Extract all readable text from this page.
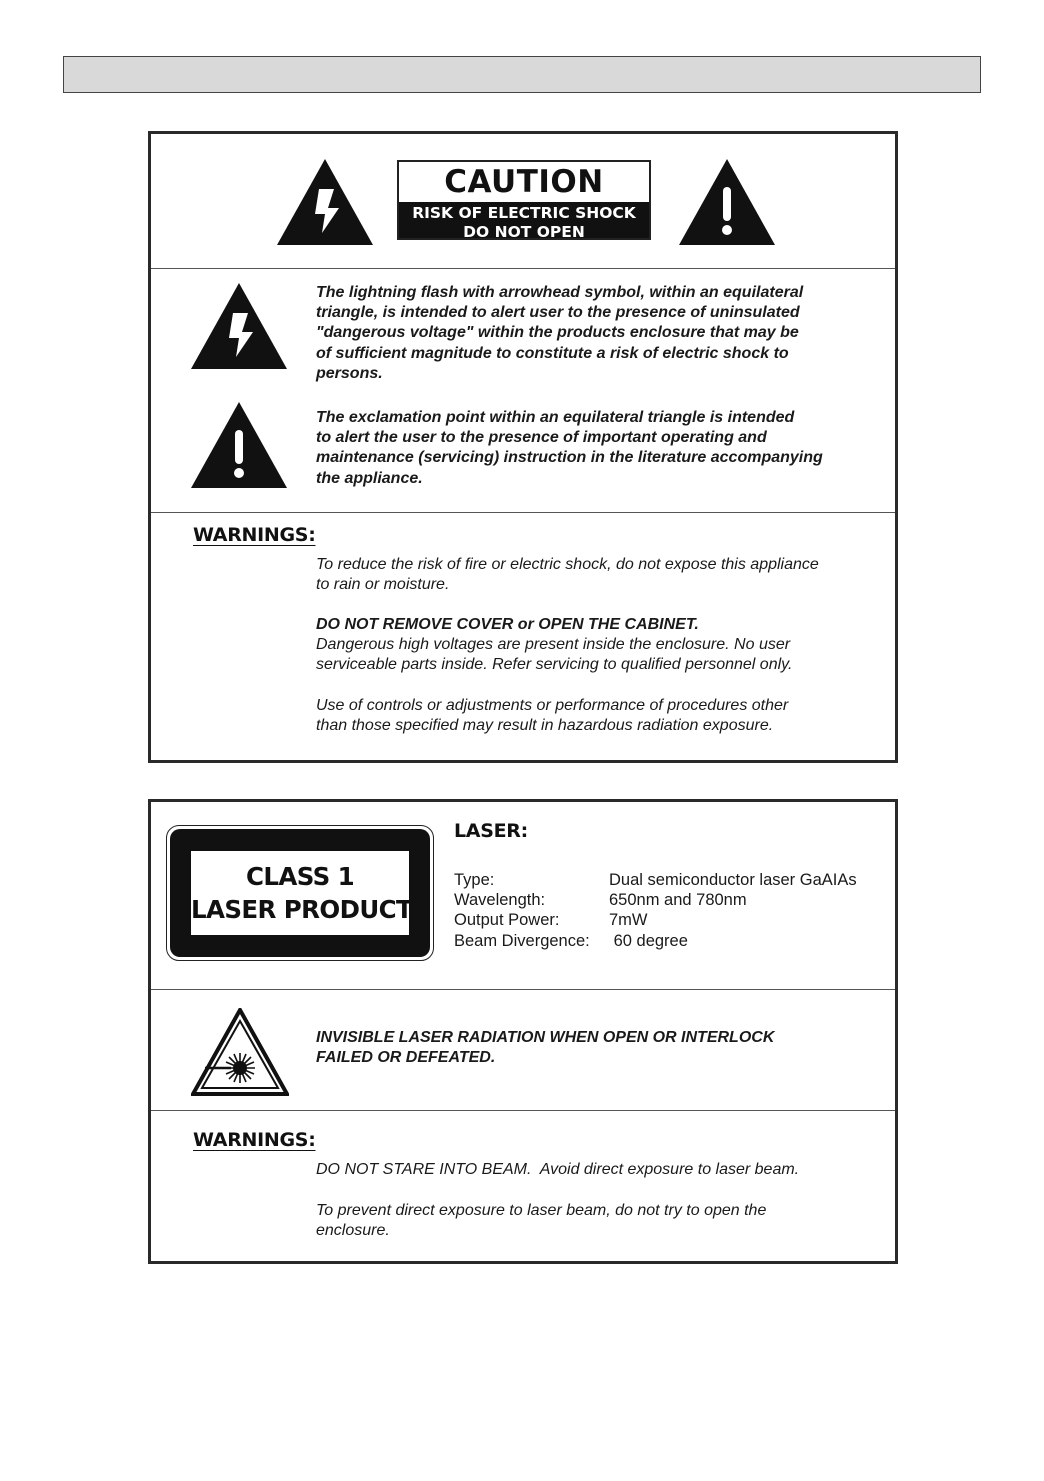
CAUTION
RISK OF ELECTRIC SHOCK
DO NOT OPEN
The lightning flash with arrowhead symbol, within an equilateral
triangle, is intended to alert user to the presence of uninsulated
"dangerous voltage" within the products enclosure that may be
of sufficient magnitude to constitute a risk of electric shock to
persons.
The exclamation point within an equilateral triangle is intended
to alert the user to the presence of important operating and
maintenance (servicing) instruction in the literature accompanying
the appliance.
WARNINGS:
To reduce the risk of fire or electric shock, do not expose this appliance
to rain or moisture.
DO NOT REMOVE COVER or OPEN THE CABINET.
Dangerous high voltages are present inside the enclosure. No user
serviceable parts inside. Refer servicing to qualified personnel only.
Use of controls or adjustments or performance of procedures other
than those specified may result in hazardous radiation exposure.
CLASS 1
LASER PRODUCT
LASER:
Type:	Dual semiconductor laser GaAIAs
Wavelength:	650nm and 780nm
Output Power:	7mW
Beam Divergence:	60 degree
INVISIBLE LASER RADIATION WHEN OPEN OR INTERLOCK
FAILED OR DEFEATED.
WARNINGS:
DO NOT STARE INTO BEAM.  Avoid direct exposure to laser beam.
To prevent direct exposure to laser beam, do not try to open the
enclosure.
